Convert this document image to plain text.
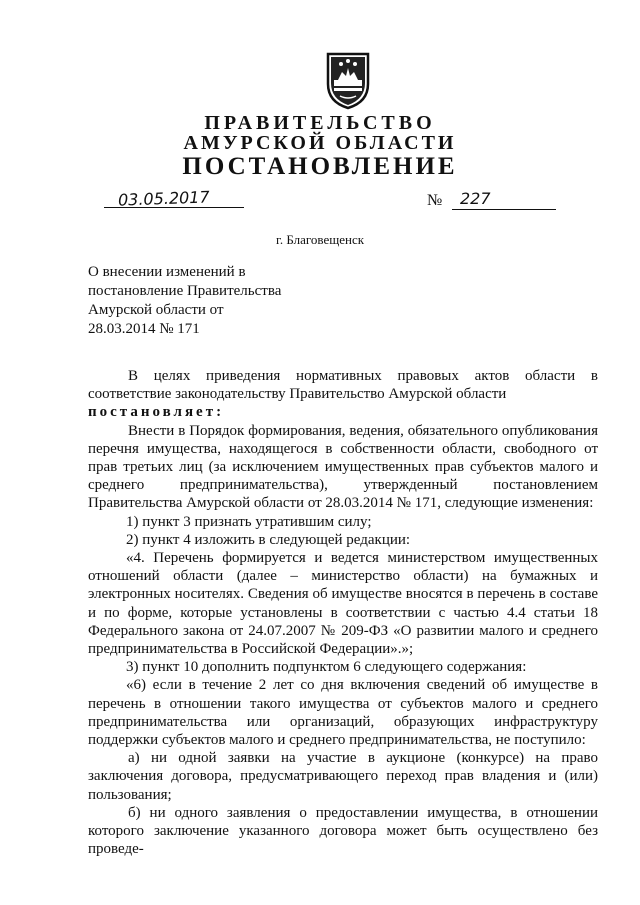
ПРАВИТЕЛЬСТВО
АМУРСКОЙ ОБЛАСТИ
ПОСТАНОВЛЕНИЕ
03.05.2017	№ 227
г. Благовещенск
О внесении изменений в
постановление Правительства
Амурской области от
28.03.2014 № 171

В целях приведения нормативных правовых актов области в соответствие законодательству Правительство Амурской области

постановляет:

Внести в Порядок формирования, ведения, обязательного опубликования перечня имущества, находящегося в собственности области, свободного от прав третьих лиц (за исключением имущественных прав субъектов малого и среднего предпринимательства), утвержденный постановлением Правительства Амурской области от 28.03.2014 № 171, следующие изменения:

1) пункт 3 признать утратившим силу;

2) пункт 4 изложить в следующей редакции:

«4. Перечень формируется и ведется министерством имущественных отношений области (далее – министерство области) на бумажных и электронных носителях. Сведения об имуществе вносятся в перечень в составе и по форме, которые установлены в соответствии с частью 4.4 статьи 18 Федерального закона от 24.07.2007 № 209-ФЗ «О развитии малого и среднего предпринимательства в Российской Федерации».»;

3) пункт 10 дополнить подпунктом 6 следующего содержания:

«6) если в течение 2 лет со дня включения сведений об имуществе в перечень в отношении такого имущества от субъектов малого и среднего предпринимательства или организаций, образующих инфраструктуру поддержки субъектов малого и среднего предпринимательства, не поступило:

а) ни одной заявки на участие в аукционе (конкурсе) на право заключения договора, предусматривающего переход прав владения и (или) пользования;

б) ни одного заявления о предоставлении имущества, в отношении которого заключение указанного договора может быть осуществлено без проведе-
